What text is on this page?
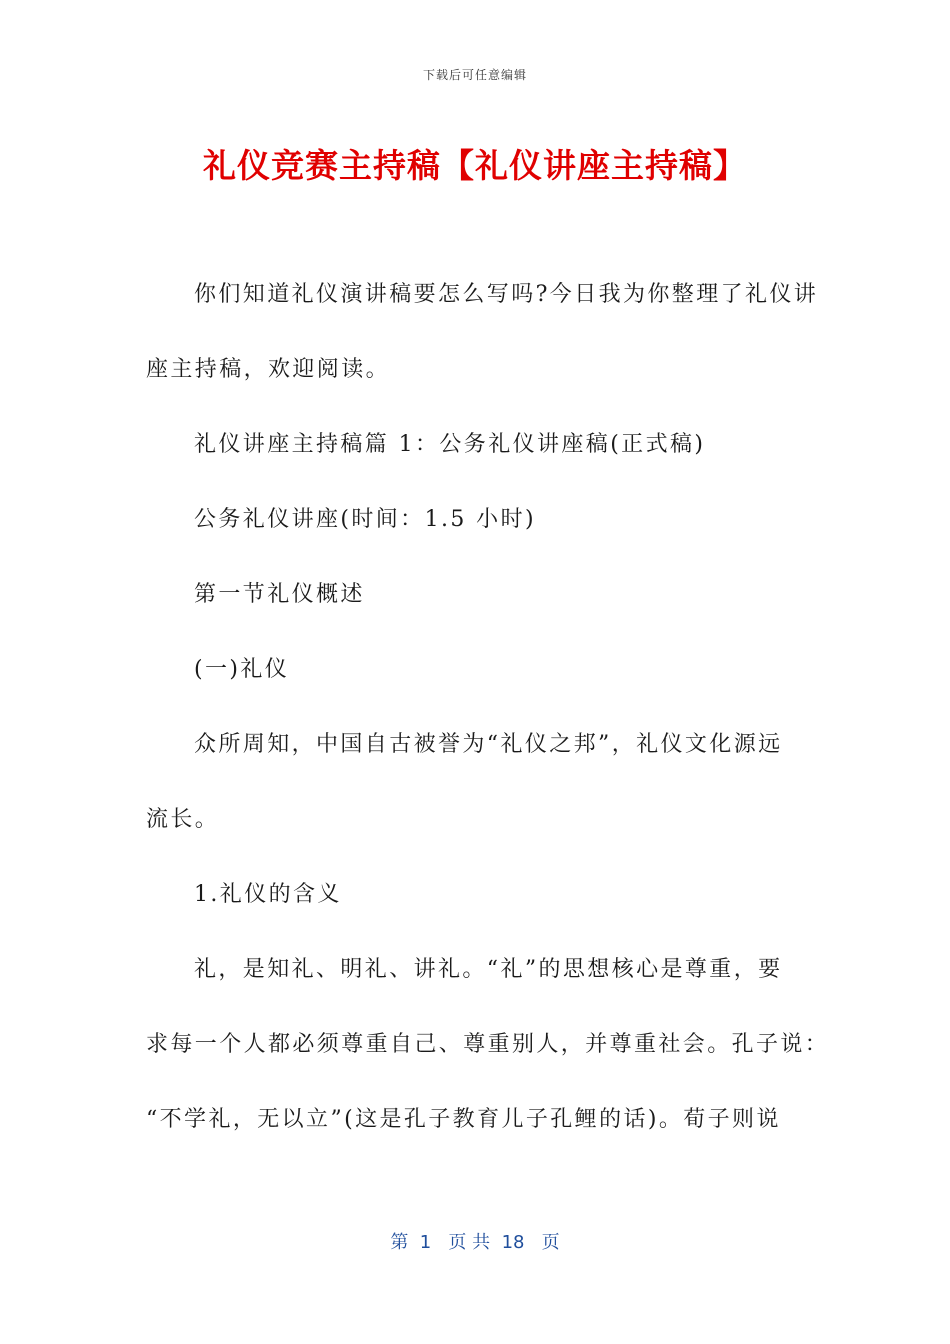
下载后可任意编辑
礼仪竞赛主持稿【礼仪讲座主持稿】
你们知道礼仪演讲稿要怎么写吗?今日我为你整理了礼仪讲
座主持稿，欢迎阅读。
礼仪讲座主持稿篇 1：公务礼仪讲座稿(正式稿)
公务礼仪讲座(时间：1.5 小时)
第一节礼仪概述
(一)礼仪
众所周知，中国自古被誉为“礼仪之邦”，礼仪文化源远
流长。
1.礼仪的含义
礼，是知礼、明礼、讲礼。“礼”的思想核心是尊重，要
求每一个人都必须尊重自己、尊重别人，并尊重社会。孔子说：
“不学礼，无以立”(这是孔子教育儿子孔鲤的话)。荀子则说
第  1   页 共  18   页
